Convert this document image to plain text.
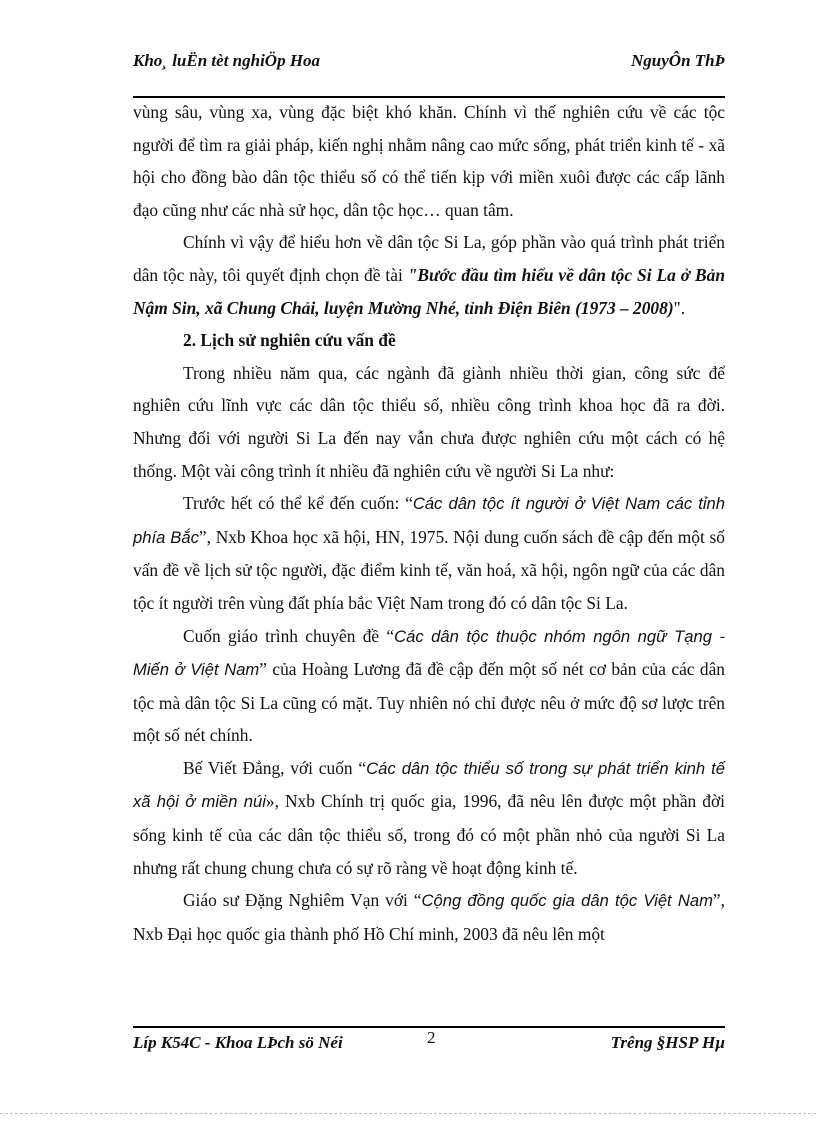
Kho¸ luËn tèt nghiÖp Hoa	NguyÔn ThÞ

vùng sâu, vùng xa, vùng đặc biệt khó khăn. Chính vì thế nghiên cứu về các tộc người để tìm ra giải pháp, kiến nghị nhằm nâng cao mức sống, phát triển kinh tế - xã hội cho đồng bào dân tộc thiểu số có thể tiến kịp với miền xuôi được các cấp lãnh đạo cũng như các nhà sử học, dân tộc học… quan tâm.

Chính vì vậy để hiểu hơn về dân tộc Si La, góp phần vào quá trình phát triển dân tộc này, tôi quyết định chọn đề tài "Bước đầu tìm hiểu về dân tộc Si La ở Bản Nậm Sin, xã Chung Chải, luyện Mường Nhé, tỉnh Điện Biên (1973 – 2008)".

2. Lịch sử nghiên cứu vấn đề

Trong nhiều năm qua, các ngành đã giành nhiều thời gian, công sức để nghiên cứu lĩnh vực các dân tộc thiểu số, nhiều công trình khoa học đã ra đời. Nhưng đối với người Si La đến nay vẫn chưa được nghiên cứu một cách có hệ thống. Một vài công trình ít nhiều đã nghiên cứu về người Si La như:

Trước hết có thể kể đến cuốn: “Các dân tộc ít người ở Việt Nam các tỉnh phía Bắc”, Nxb Khoa học xã hội, HN, 1975. Nội dung cuốn sách đề cập đến một số vấn đề về lịch sử tộc người, đặc điểm kinh tế, văn hoá, xã hội, ngôn ngữ của các dân tộc ít người trên vùng đất phía bắc Việt Nam trong đó có dân tộc Si La.

Cuốn giáo trình chuyên đề “Các dân tộc thuộc nhóm ngôn ngữ Tạng - Miến ở Việt Nam” của Hoàng Lương đã đề cập đến một số nét cơ bản của các dân tộc mà dân tộc Si La cũng có mặt. Tuy nhiên nó chỉ được nêu ở mức độ sơ lược trên một số nét chính.

Bế Viết Đẳng, với cuốn “Các dân tộc thiểu số trong sự phát triển kinh tế xã hội ở miền núi», Nxb Chính trị quốc gia, 1996, đã nêu lên được một phần đời sống kinh tế của các dân tộc thiểu số, trong đó có một phần nhỏ của người Si La nhưng rất chung chung chưa có sự rõ ràng về hoạt động kinh tế.

Giáo sư Đặng Nghiêm Vạn với “Cộng đồng quốc gia dân tộc Việt Nam”, Nxb Đại học quốc gia thành phố Hồ Chí minh, 2003 đã nêu lên một

Líp K54C - Khoa LÞch sö Néi	2	Trêng §HSP Hµ
